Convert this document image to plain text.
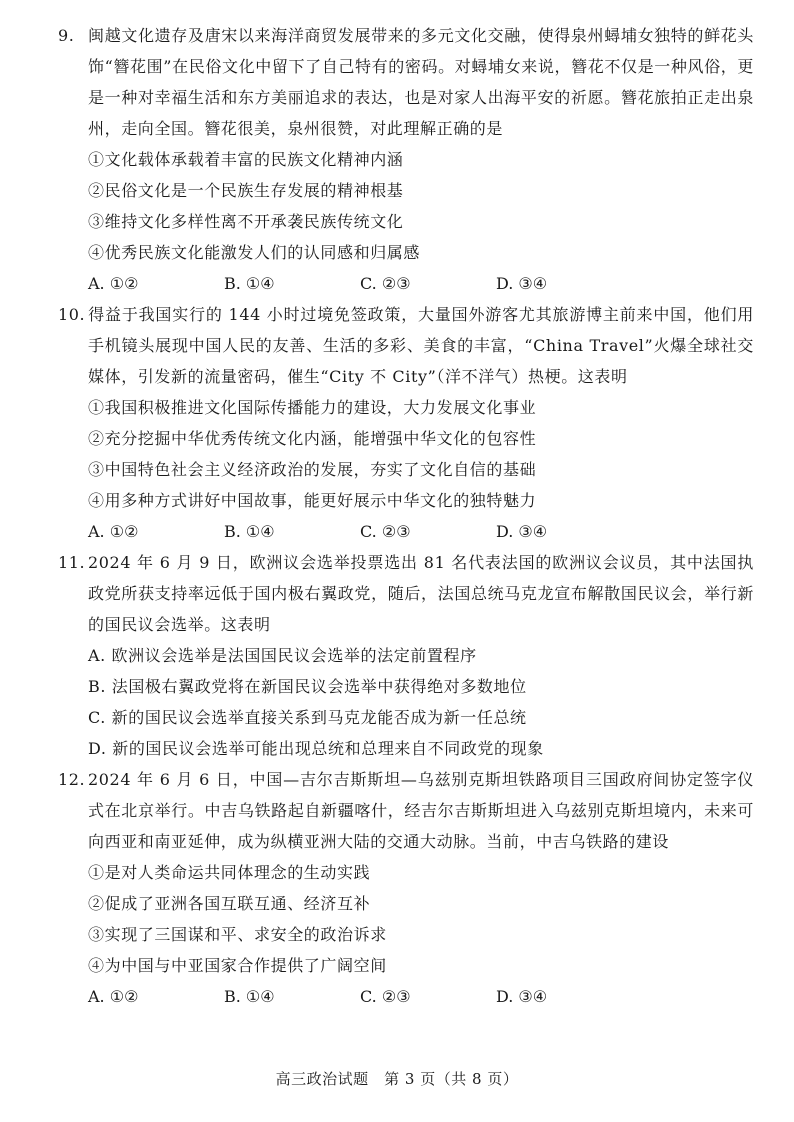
9. 闽越文化遗存及唐宋以来海洋商贸发展带来的多元文化交融，使得泉州蟳埔女独特的鲜花头饰“簪花围”在民俗文化中留下了自己特有的密码。对蟳埔女来说，簪花不仅是一种风俗，更是一种对幸福生活和东方美丽追求的表达，也是对家人出海平安的祈愿。簪花旅拍正走出泉州，走向全国。簪花很美，泉州很赞，对此理解正确的是

①文化载体承载着丰富的民族文化精神内涵

②民俗文化是一个民族生存发展的精神根基

③维持文化多样性离不开承袭民族传统文化

④优秀民族文化能激发人们的认同感和归属感

A. ①②	B. ①④	C. ②③	D. ③④

10. 得益于我国实行的 144 小时过境免签政策，大量国外游客尤其旅游博主前来中国，他们用手机镜头展现中国人民的友善、生活的多彩、美食的丰富，“China Travel”火爆全球社交媒体，引发新的流量密码，催生“City 不 City”（洋不洋气）热梗。这表明

①我国积极推进文化国际传播能力的建设，大力发展文化事业

②充分挖掘中华优秀传统文化内涵，能增强中华文化的包容性

③中国特色社会主义经济政治的发展，夯实了文化自信的基础

④用多种方式讲好中国故事，能更好展示中华文化的独特魅力

A. ①②	B. ①④	C. ②③	D. ③④

11. 2024 年 6 月 9 日，欧洲议会选举投票选出 81 名代表法国的欧洲议会议员，其中法国执政党所获支持率远低于国内极右翼政党，随后，法国总统马克龙宣布解散国民议会，举行新的国民议会选举。这表明

A. 欧洲议会选举是法国国民议会选举的法定前置程序

B. 法国极右翼政党将在新国民议会选举中获得绝对多数地位

C. 新的国民议会选举直接关系到马克龙能否成为新一任总统

D. 新的国民议会选举可能出现总统和总理来自不同政党的现象

12. 2024 年 6 月 6 日，中国—吉尔吉斯斯坦—乌兹别克斯坦铁路项目三国政府间协定签字仪式在北京举行。中吉乌铁路起自新疆喀什，经吉尔吉斯斯坦进入乌兹别克斯坦境内，未来可向西亚和南亚延伸，成为纵横亚洲大陆的交通大动脉。当前，中吉乌铁路的建设

①是对人类命运共同体理念的生动实践

②促成了亚洲各国互联互通、经济互补

③实现了三国谋和平、求安全的政治诉求

④为中国与中亚国家合作提供了广阔空间

A. ①②	B. ①④	C. ②③	D. ③④
高三政治试题　第 3 页（共 8 页）
